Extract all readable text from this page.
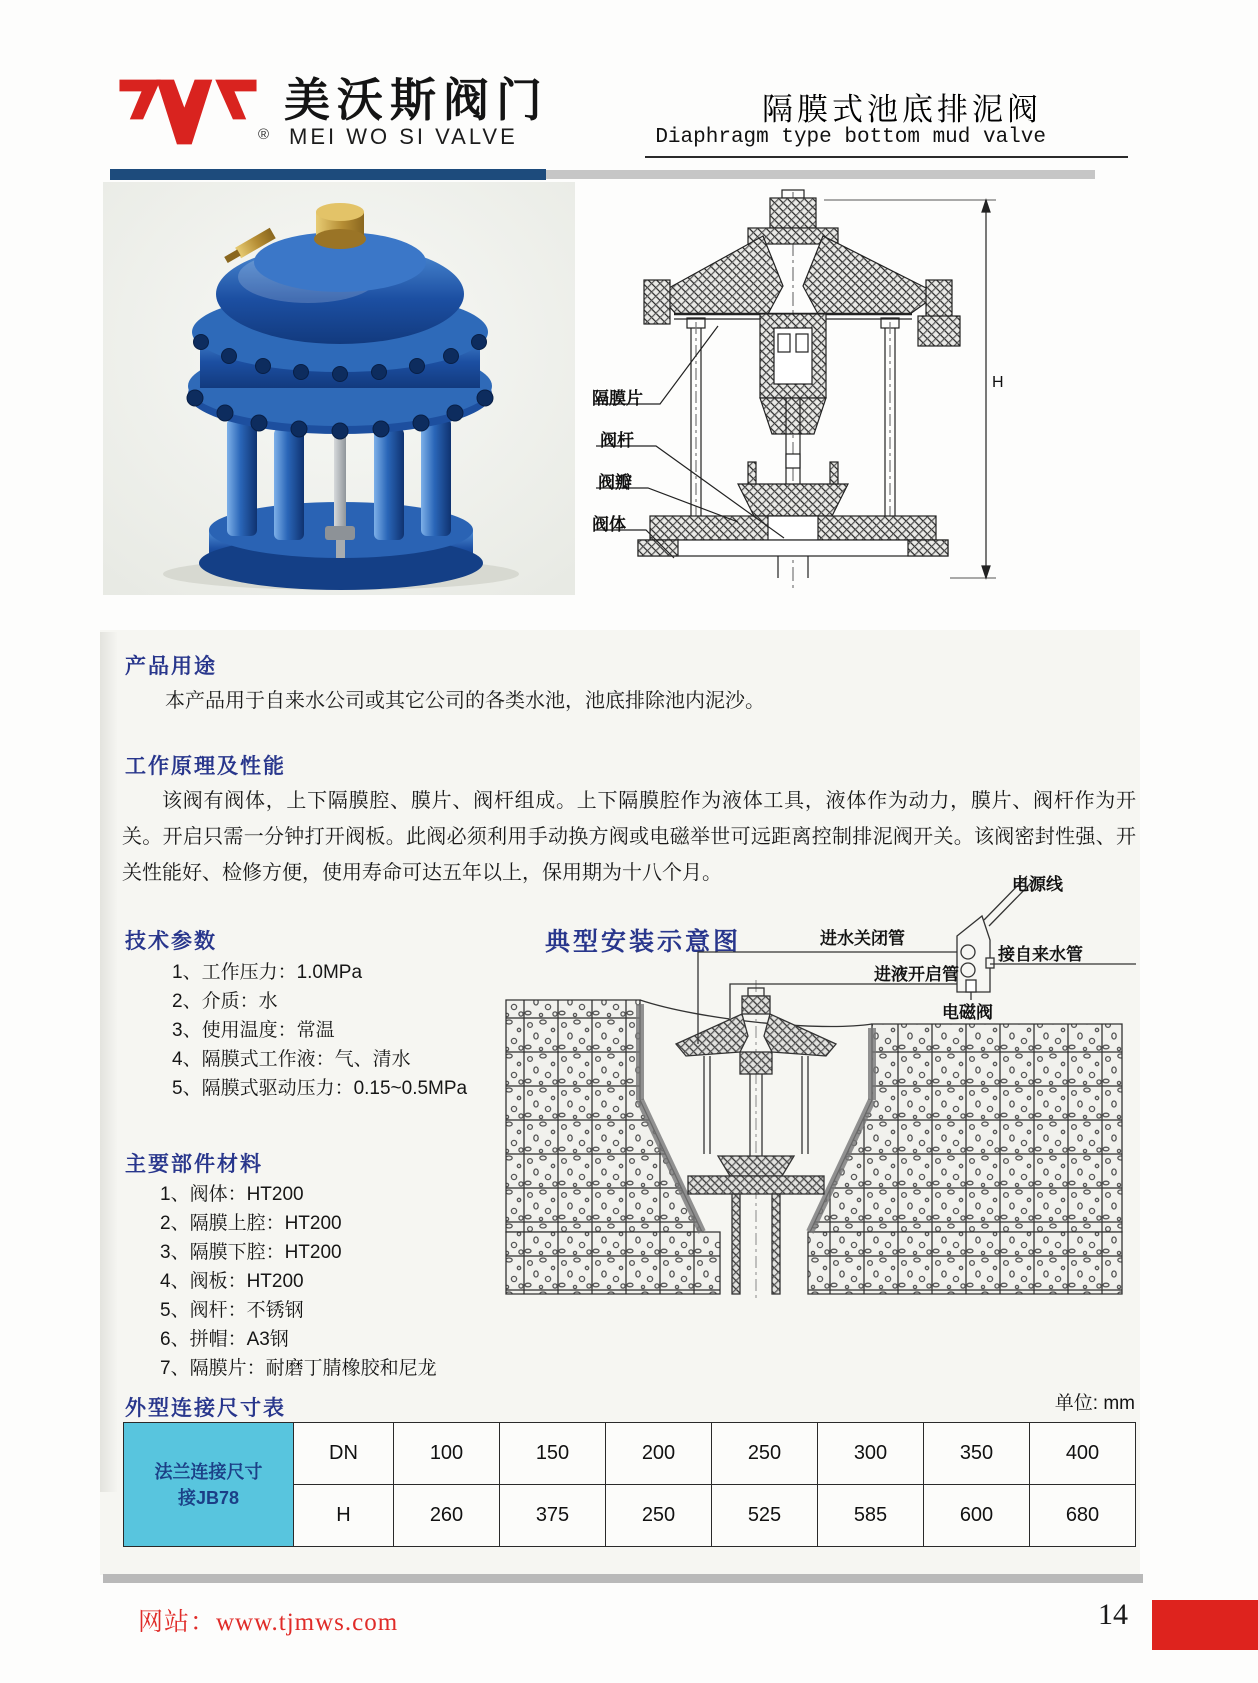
®
美沃斯阀门
MEI WO SI VALVE
隔膜式池底排泥阀
Diaphragm type bottom mud valve
隔膜片
阀杆
阀瓣
阀体
H
产品用途
本产品用于自来水公司或其它公司的各类水池，池底排除池内泥沙。
工作原理及性能
该阀有阀体，上下隔膜腔、膜片、阀杆组成。上下隔膜腔作为液体工具，液体作为动力，膜片、阀杆作为开关。开启只需一分钟打开阀板。此阀必须利用手动换方阀或电磁举世可远距离控制排泥阀开关。该阀密封性强、开关性能好、检修方便，使用寿命可达五年以上，保用期为十八个月。
技术参数
1、工作压力：1.0MPa
2、介质：水
3、使用温度：常温
4、隔膜式工作液：气、清水
5、隔膜式驱动压力：0.15~0.5MPa
典型安装示意图
电源线
进水关闭管
接自来水管
进液开启管
电磁阀
主要部件材料
1、阀体：HT200
2、隔膜上腔：HT200
3、隔膜下腔：HT200
4、阀板：HT200
5、阀杆：不锈钢
6、拼帽：A3钢
7、隔膜片：耐磨丁腈橡胶和尼龙
外型连接尺寸表	单位: mm
法兰连接尺寸
接JB78	DN	100	150	200	250	300	350	400
	H	260	375	250	525	585	600	680
网站：www.tjmws.com	14
